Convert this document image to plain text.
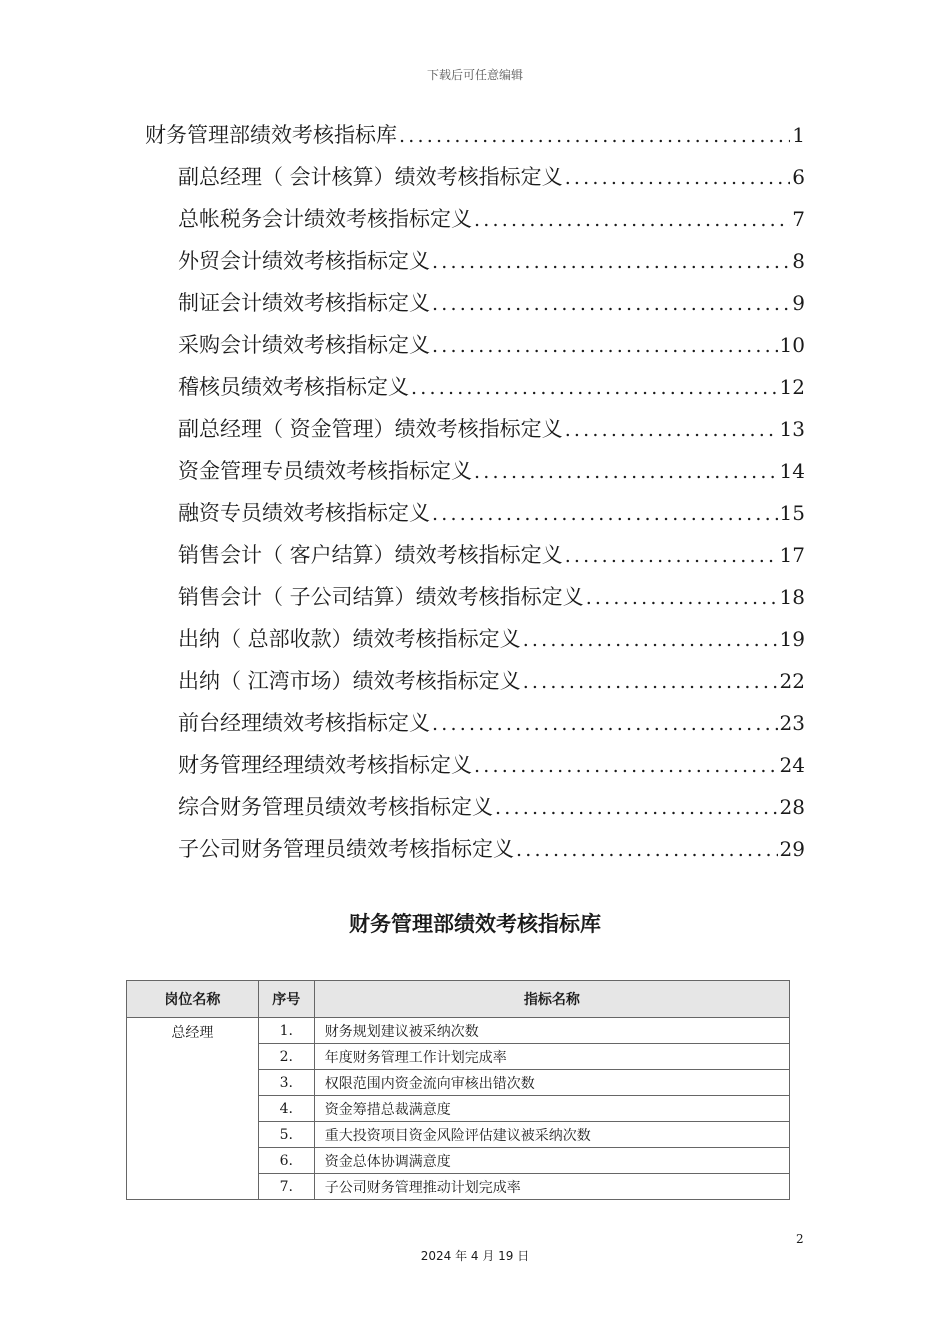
下载后可任意编辑
财务管理部绩效考核指标库 .....	1
副总经理（ 会计核算）绩效考核指标定义 .....	6
总帐税务会计绩效考核指标定义 .....	7
外贸会计绩效考核指标定义 .....	8
制证会计绩效考核指标定义 .....	9
采购会计绩效考核指标定义 .....	10
稽核员绩效考核指标定义 .....	12
副总经理（ 资金管理）绩效考核指标定义 .....	13
资金管理专员绩效考核指标定义 .....	14
融资专员绩效考核指标定义 .....	15
销售会计（ 客户结算）绩效考核指标定义 .....	17
销售会计（ 子公司结算）绩效考核指标定义 .....	18
出纳（ 总部收款）绩效考核指标定义 .....	19
出纳（ 江湾市场）绩效考核指标定义 .....	22
前台经理绩效考核指标定义 .....	23
财务管理经理绩效考核指标定义 .....	24
综合财务管理员绩效考核指标定义 .....	28
子公司财务管理员绩效考核指标定义 .....	29
财务管理部绩效考核指标库
岗位名称	序号	指标名称
总经理	1.	财务规划建议被采纳次数
	2.	年度财务管理工作计划完成率
	3.	权限范围内资金流向审核出错次数
	4.	资金筹措总裁满意度
	5.	重大投资项目资金风险评估建议被采纳次数
	6.	资金总体协调满意度
	7.	子公司财务管理推动计划完成率
2
2024 年 4 月 19 日
